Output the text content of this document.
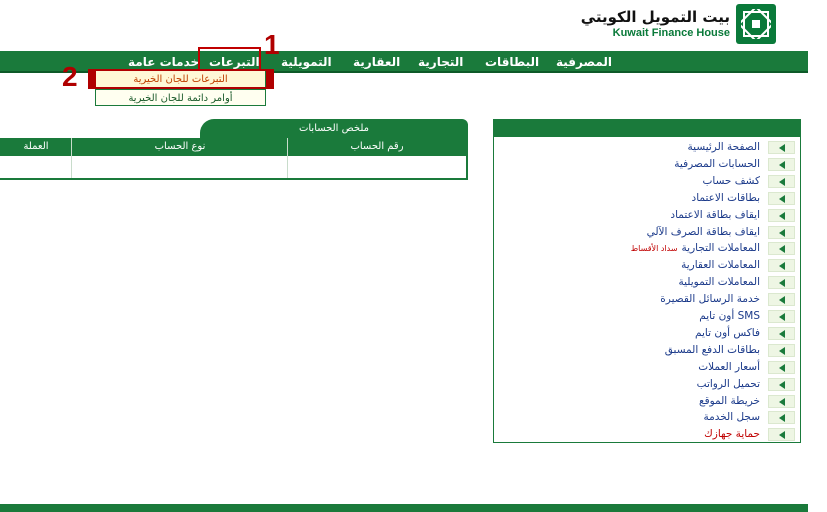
بيت التمويل الكويتي
Kuwait Finance House
المصرفية
البطاقات
التجارية
العقارية
التمويلية
التبرعات
خدمات عامة
1
2	التبرعات للجان الخيرية
أوامر دائمة للجان الخيرية
ملخص الحسابات
رقم الحساب
نوع الحساب
العملة	الصفحة الرئيسية
الحسابات المصرفية
كشف حساب
بطاقات الاعتماد
ايقاف بطاقة الاعتماد
ايقاف بطاقة الصرف الآلي
المعاملات التجاريةسداد الأقساط
المعاملات العقارية
المعاملات التمويلية
خدمة الرسائل القصيرة
SMS أون تايم
فاكس أون تايم
بطاقات الدفع المسبق
أسعار العملات
تحميل الرواتب
خريطة الموقع
سجل الخدمة
حماية جهازك
